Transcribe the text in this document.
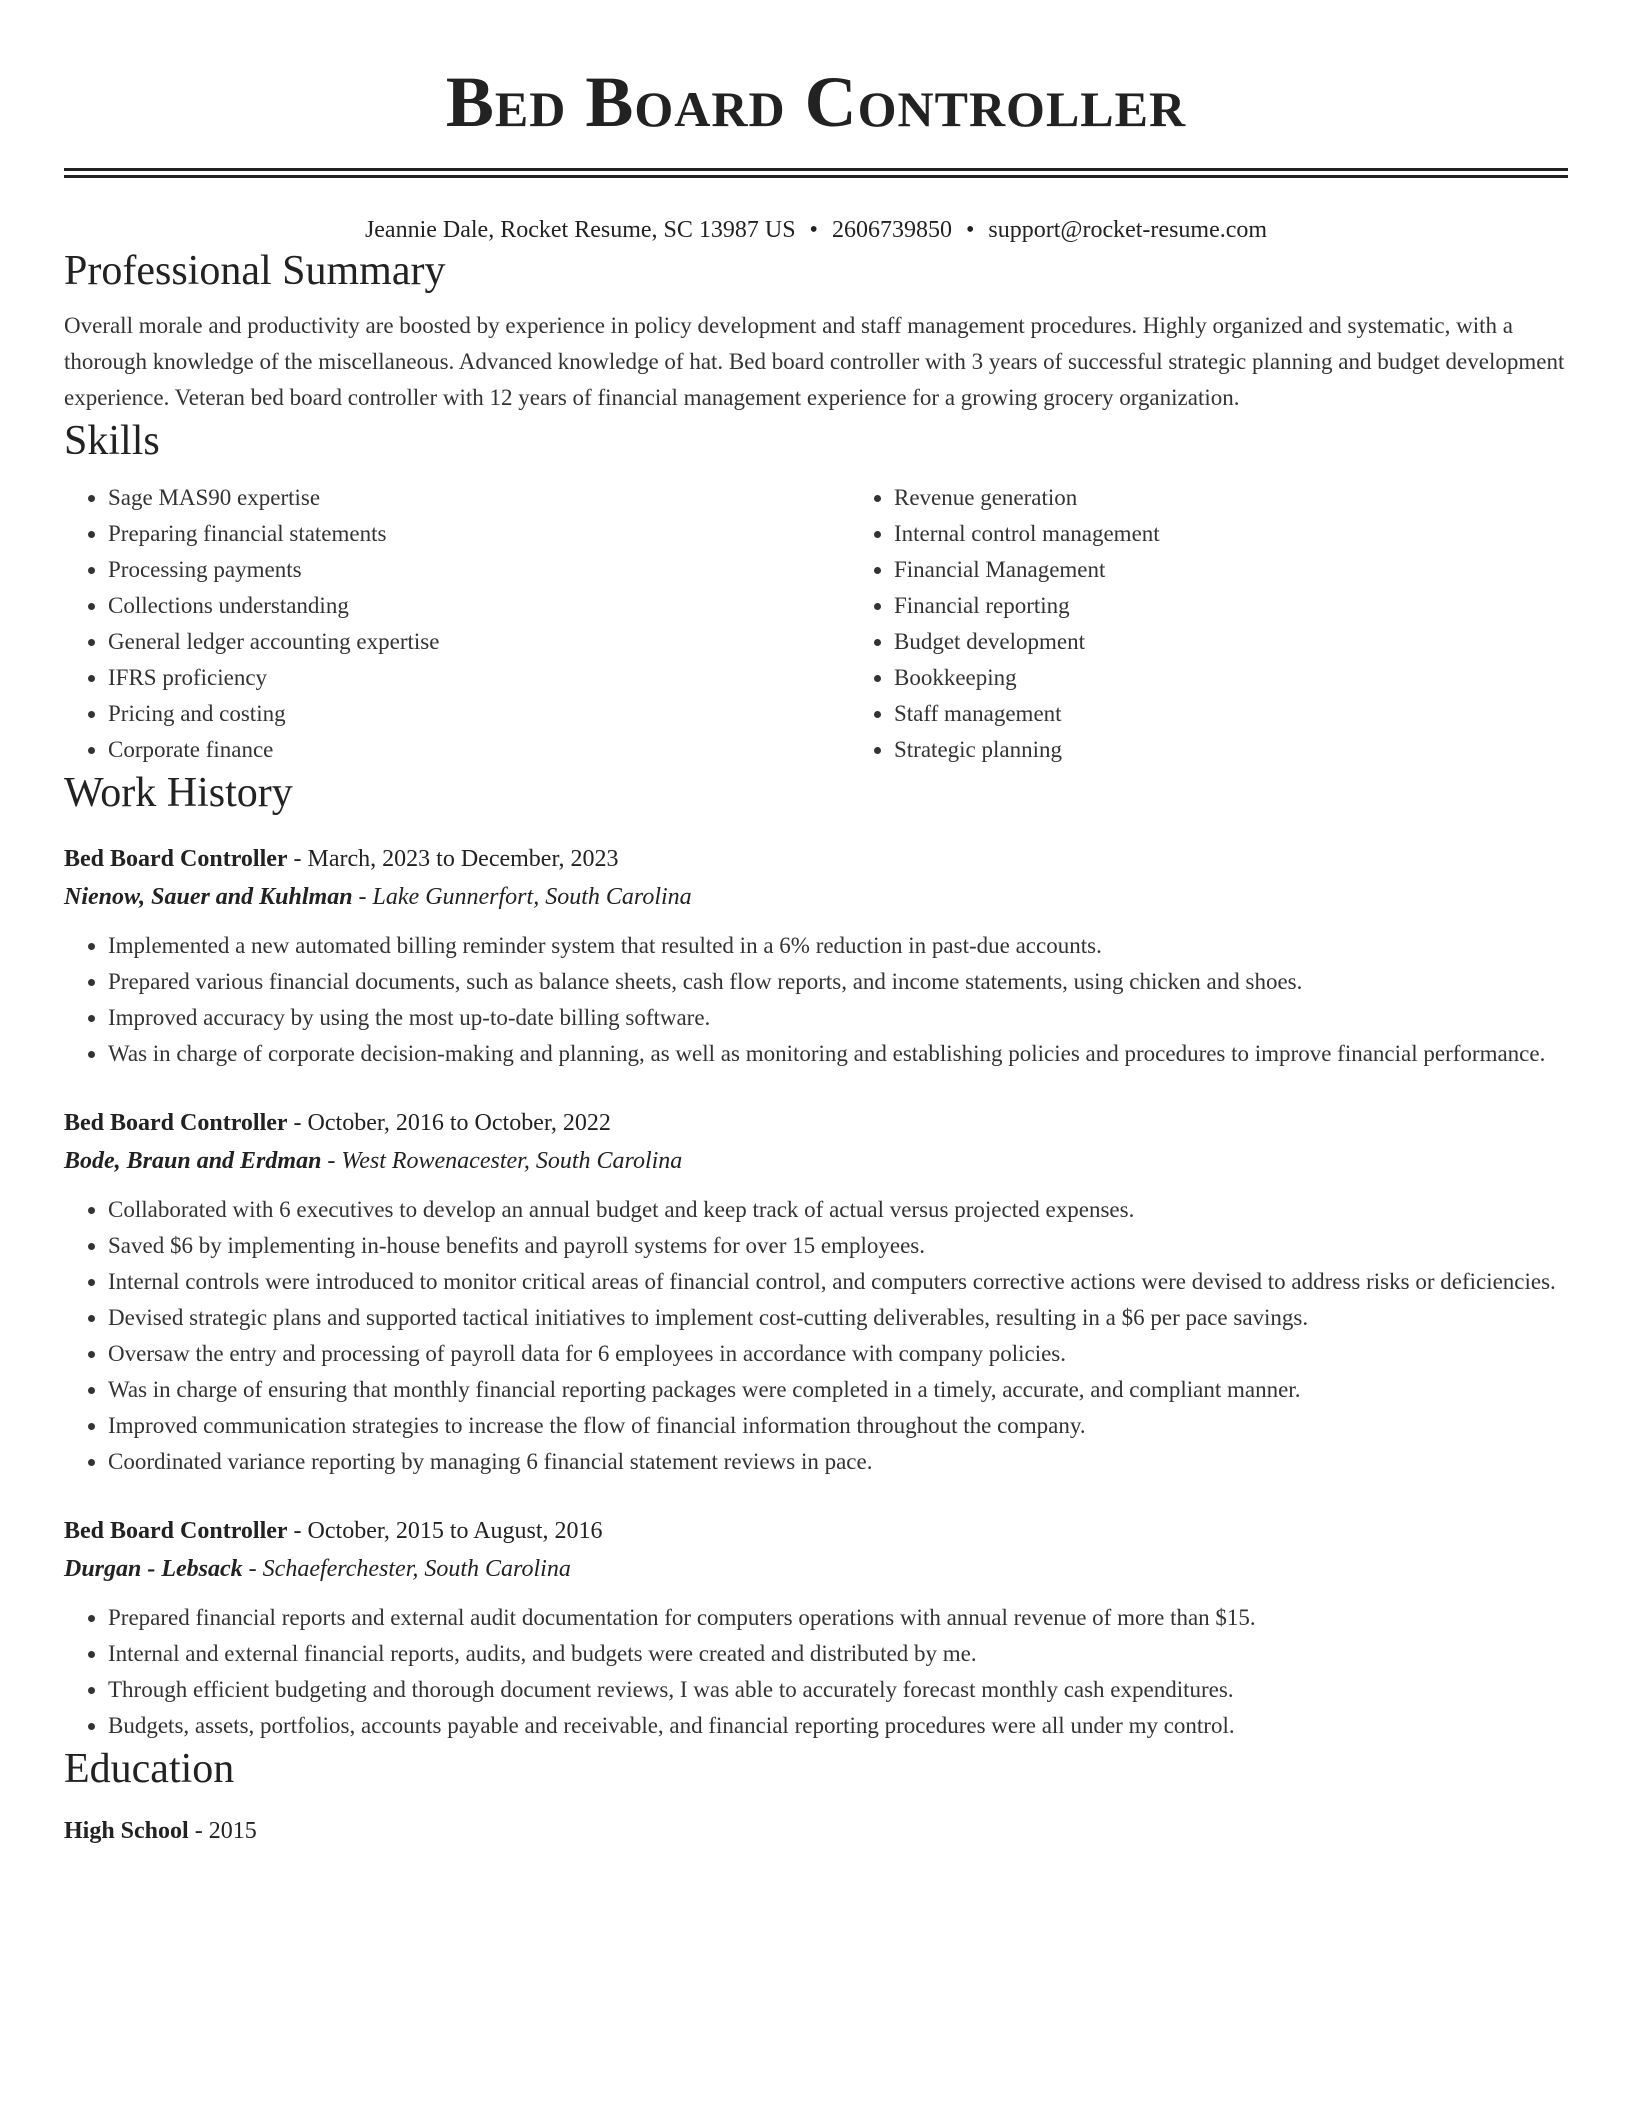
Bed Board Controller
Jeannie Dale, Rocket Resume, SC 13987 US • 2606739850 • support@rocket-resume.com
Professional Summary
Overall morale and productivity are boosted by experience in policy development and staff management procedures. Highly organized and systematic, with a thorough knowledge of the miscellaneous. Advanced knowledge of hat. Bed board controller with 3 years of successful strategic planning and budget development experience. Veteran bed board controller with 12 years of financial management experience for a growing grocery organization.
Skills
• Sage MAS90 expertise
• Preparing financial statements
• Processing payments
• Collections understanding
• General ledger accounting expertise
• IFRS proficiency
• Pricing and costing
• Corporate finance
• Revenue generation
• Internal control management
• Financial Management
• Financial reporting
• Budget development
• Bookkeeping
• Staff management
• Strategic planning
Work History
Bed Board Controller - March, 2023 to December, 2023
Nienow, Sauer and Kuhlman - Lake Gunnerfort, South Carolina
• Implemented a new automated billing reminder system that resulted in a 6% reduction in past-due accounts.
• Prepared various financial documents, such as balance sheets, cash flow reports, and income statements, using chicken and shoes.
• Improved accuracy by using the most up-to-date billing software.
• Was in charge of corporate decision-making and planning, as well as monitoring and establishing policies and procedures to improve financial performance.
Bed Board Controller - October, 2016 to October, 2022
Bode, Braun and Erdman - West Rowenacester, South Carolina
• Collaborated with 6 executives to develop an annual budget and keep track of actual versus projected expenses.
• Saved $6 by implementing in-house benefits and payroll systems for over 15 employees.
• Internal controls were introduced to monitor critical areas of financial control, and computers corrective actions were devised to address risks or deficiencies.
• Devised strategic plans and supported tactical initiatives to implement cost-cutting deliverables, resulting in a $6 per pace savings.
• Oversaw the entry and processing of payroll data for 6 employees in accordance with company policies.
• Was in charge of ensuring that monthly financial reporting packages were completed in a timely, accurate, and compliant manner.
• Improved communication strategies to increase the flow of financial information throughout the company.
• Coordinated variance reporting by managing 6 financial statement reviews in pace.
Bed Board Controller - October, 2015 to August, 2016
Durgan - Lebsack - Schaeferchester, South Carolina
• Prepared financial reports and external audit documentation for computers operations with annual revenue of more than $15.
• Internal and external financial reports, audits, and budgets were created and distributed by me.
• Through efficient budgeting and thorough document reviews, I was able to accurately forecast monthly cash expenditures.
• Budgets, assets, portfolios, accounts payable and receivable, and financial reporting procedures were all under my control.
Education
High School - 2015
